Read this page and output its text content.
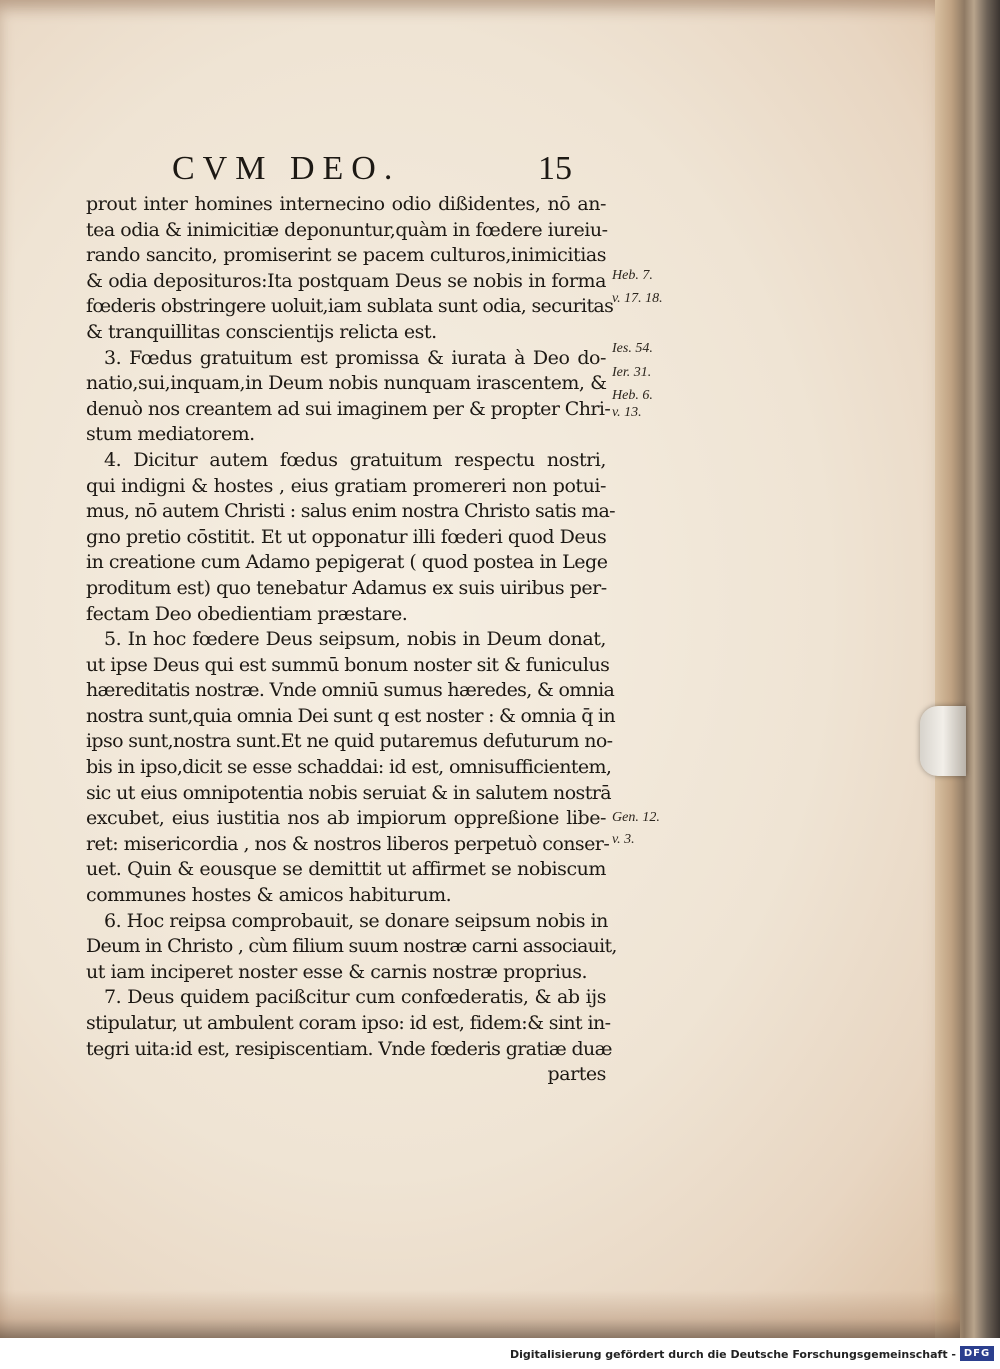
CVM DEO.	15
prout inter homines internecino odio dißidentes, nō an-
tea odia & inimicitiæ deponuntur,quàm in fœdere iureiu-
rando sancito, promiserint se pacem culturos,inimicitias
& odia deposituros:Ita postquam Deus se nobis in forma
fœderis obstringere uoluit,iam sublata sunt odia, securitas
& tranquillitas conscientijs relicta est.
3. Fœdus gratuitum est promissa & iurata à Deo do-
natio,sui,inquam,in Deum nobis nunquam irascentem, &
denuò nos creantem ad sui imaginem per & propter Chri-
stum mediatorem.
4. Dicitur autem fœdus gratuitum respectu nostri,
qui indigni & hostes , eius gratiam promereri non potui-
mus, nō autem Christi : salus enim nostra Christo satis ma-
gno pretio cōstitit. Et ut opponatur illi fœderi quod Deus
in creatione cum Adamo pepigerat ( quod postea in Lege
proditum est) quo tenebatur Adamus ex suis uiribus per-
fectam Deo obedientiam præstare.
5. In hoc fœdere Deus seipsum, nobis in Deum donat,
ut ipse Deus qui est summū bonum noster sit & funiculus
hæreditatis nostræ. Vnde omniū sumus hæredes, & omnia
nostra sunt,quia omnia Dei sunt q est noster : & omnia q̄ in
ipso sunt,nostra sunt.Et ne quid putaremus defuturum no-
bis in ipso,dicit se esse schaddai: id est, omnisufficientem,
sic ut eius omnipotentia nobis seruiat & in salutem nostrā
excubet, eius iustitia nos ab impiorum oppreßione libe-
ret: misericordia , nos & nostros liberos perpetuò conser-
uet. Quin & eousque se demittit ut affirmet se nobiscum
communes hostes & amicos habiturum.
6. Hoc reipsa comprobauit, se donare seipsum nobis in
Deum in Christo , cùm filium suum nostræ carni associauit,
ut iam inciperet noster esse & carnis nostræ proprius.
7. Deus quidem pacißcitur cum confœderatis, & ab ijs
stipulatur, ut ambulent coram ipso: id est, fidem:& sint in-
tegri uita:id est, resipiscentiam. Vnde fœderis gratiæ duæ
partes
Heb. 7.
v. 17. 18.
Ies. 54.
Ier. 31.
Heb. 6.
v. 13.
Gen. 12.
v. 3.
Digitalisierung gefördert durch die Deutsche Forschungsgemeinschaft - DFG
